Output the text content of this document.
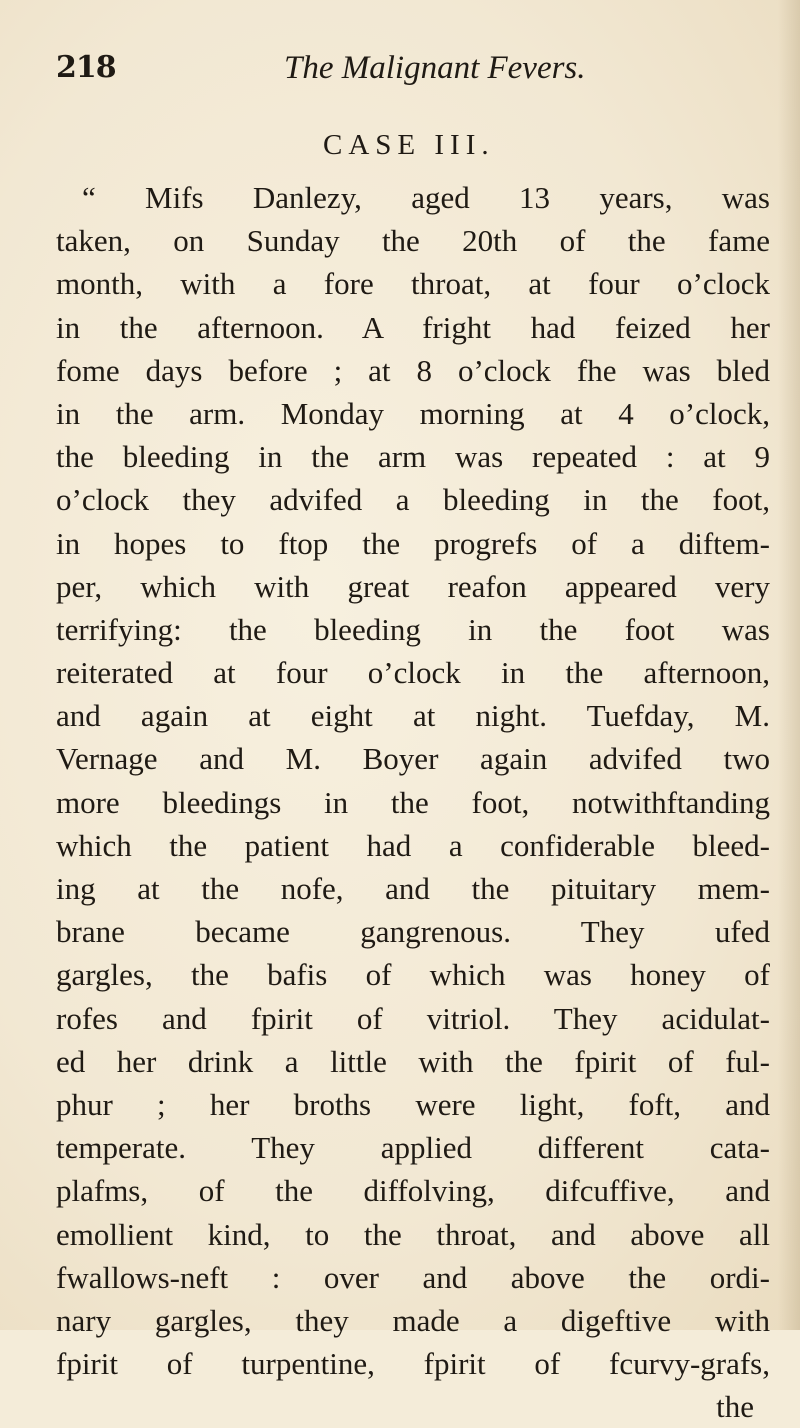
218	The Malignant Fevers.
CASE III.
“ Mifs Danlezy, aged 13 years, was
taken, on Sunday the 20th of the fame
month, with a fore throat, at four o’clock
in the afternoon. A fright had feized her
fome days before ; at 8 o’clock fhe was bled
in the arm. Monday morning at 4 o’clock,
the bleeding in the arm was repeated : at 9
o’clock they advifed a bleeding in the foot,
in hopes to ftop the progrefs of a diftem-
per, which with great reafon appeared very
terrifying: the bleeding in the foot was
reiterated at four o’clock in the afternoon,
and again at eight at night. Tuefday, M.
Vernage and M. Boyer again advifed two
more bleedings in the foot, notwithftanding
which the patient had a confiderable bleed-
ing at the nofe, and the pituitary mem-
brane became gangrenous. They ufed
gargles, the bafis of which was honey of
rofes and fpirit of vitriol. They acidulat-
ed her drink a little with the fpirit of ful-
phur ; her broths were light, foft, and
temperate. They applied different cata-
plafms, of the diffolving, difcuffive, and
emollient kind, to the throat, and above all
fwallows-neft : over and above the ordi-
nary gargles, they made a digeftive with
fpirit of turpentine, fpirit of fcurvy-grafs,
the
